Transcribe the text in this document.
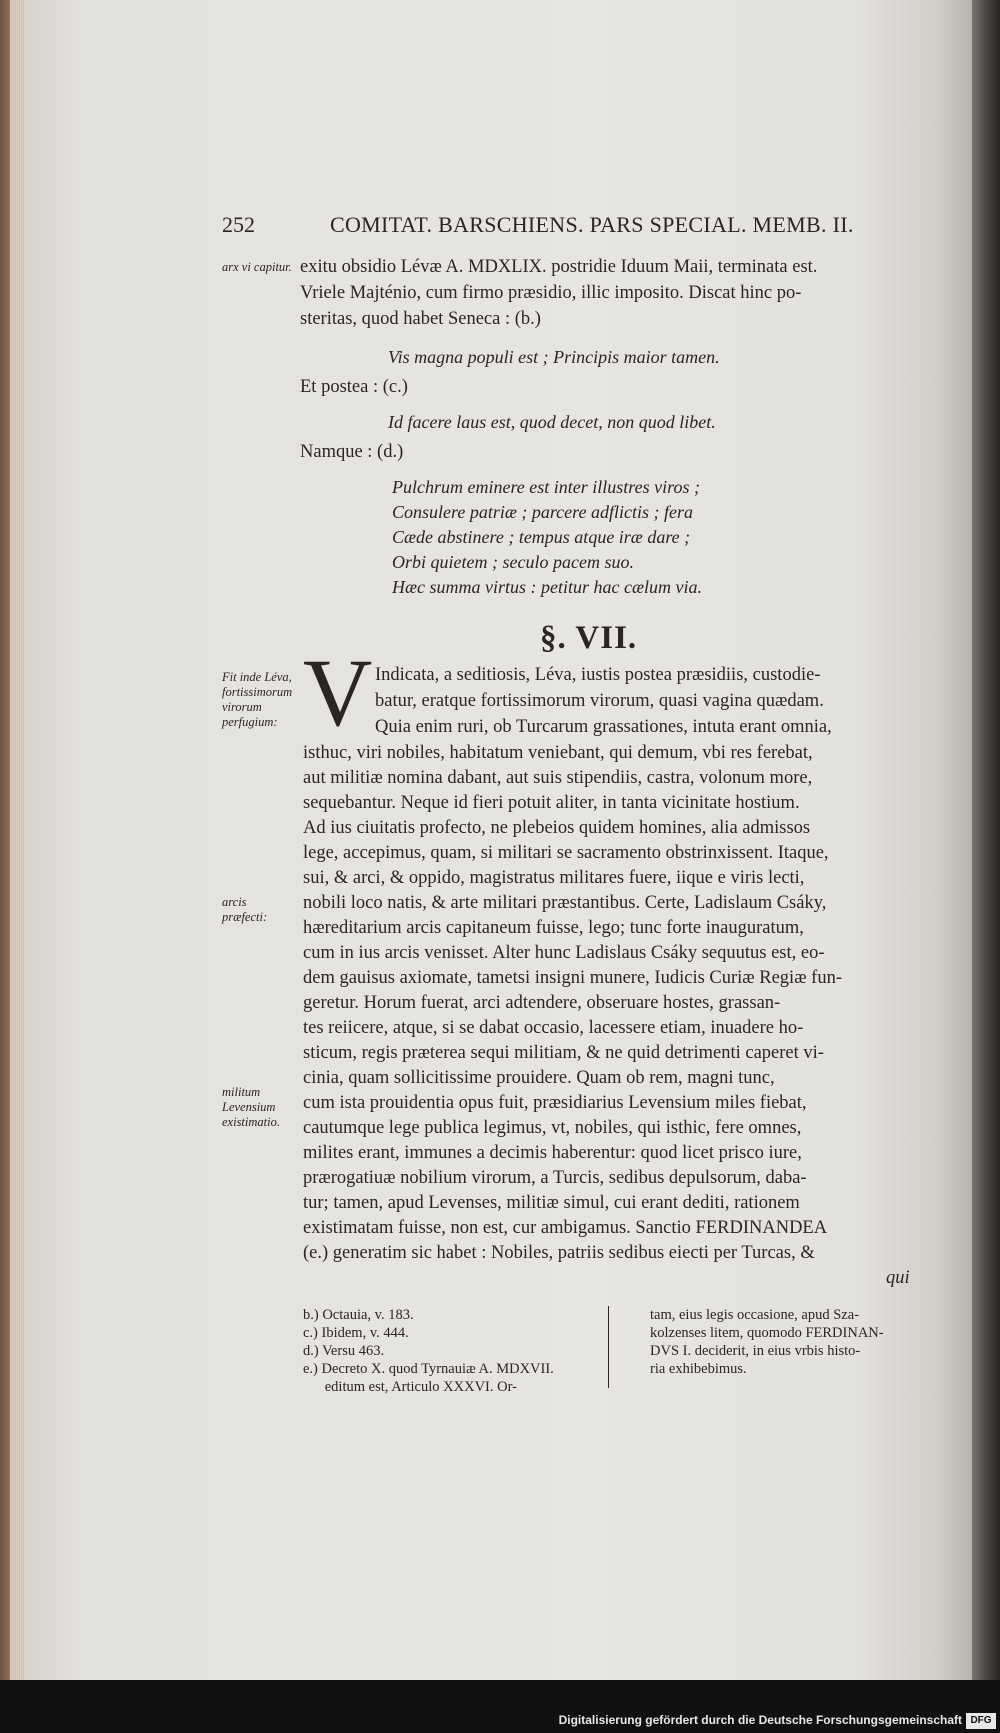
252	COMITAT. BARSCHIENS. PARS SPECIAL. MEMB. II.
arx vi capitur.
Fit inde Léva, fortissimorum virorum perfugium:
arcis præfecti:
militum Levensium existimatio.
exitu obsidio Lévæ A. MDXLIX. postridie Iduum Maii, terminata est.
Vriele Majténio, cum firmo præsidio, illic imposito. Discat hinc po-
steritas, quod habet Seneca : (b.)
Vis magna populi est ; Principis maior tamen.
Et postea : (c.)
Id facere laus est, quod decet, non quod libet.
Namque : (d.)
Pulchrum eminere est inter illustres viros ;
Consulere patriæ ; parcere adflictis ; fera
Cæde abstinere ; tempus atque iræ dare ;
Orbi quietem ; seculo pacem suo.
Hæc summa virtus : petitur hac cælum via.
§. VII.
V Indicata, a seditiosis, Léva, iustis postea præsidiis, custodie-
batur, eratque fortissimorum virorum, quasi vagina quædam.
Quia enim ruri, ob Turcarum grassationes, intuta erant omnia,
isthuc, viri nobiles, habitatum veniebant, qui demum, vbi res ferebat,
aut militiæ nomina dabant, aut suis stipendiis, castra, volonum more,
sequebantur. Neque id fieri potuit aliter, in tanta vicinitate hostium.
Ad ius ciuitatis profecto, ne plebeios quidem homines, alia admissos
lege, accepimus, quam, si militari se sacramento obstrinxissent. Itaque,
sui, & arci, & oppido, magistratus militares fuere, iique e viris lecti,
nobili loco natis, & arte militari præstantibus. Certe, Ladislaum Csáky,
hæreditarium arcis capitaneum fuisse, lego; tunc forte inauguratum,
cum in ius arcis venisset. Alter hunc Ladislaus Csáky sequutus est, eo-
dem gauisus axiomate, tametsi insigni munere, Iudicis Curiæ Regiæ fun-
geretur. Horum fuerat, arci adtendere, obseruare hostes, grassan-
tes reiicere, atque, si se dabat occasio, lacessere etiam, inuadere ho-
sticum, regis præterea sequi militiam, & ne quid detrimenti caperet vi-
cinia, quam sollicitissime prouidere. Quam ob rem, magni tunc,
cum ista prouidentia opus fuit, præsidiarius Levensium miles fiebat,
cautumque lege publica legimus, vt, nobiles, qui isthic, fere omnes,
milites erant, immunes a decimis haberentur: quod licet prisco iure,
prærogatiuæ nobilium virorum, a Turcis, sedibus depulsorum, daba-
tur; tamen, apud Levenses, militiæ simul, cui erant dediti, rationem
existimatam fuisse, non est, cur ambigamus. Sanctio FERDINANDEA
(e.) generatim sic habet : Nobiles, patriis sedibus eiecti per Turcas, &
qui
b.) Octauia, v. 183.
c.) Ibidem, v. 444.
d.) Versu 463.
e.) Decreto X. quod Tyrnauiæ A. MDXVII.
editum est, Articulo XXXVI. Or-
tam, eius legis occasione, apud Sza-
kolzenses litem, quomodo FERDINAN-
DVS I. deciderit, in eius vrbis histo-
ria exhibebimus.
Digitalisierung gefördert durch die Deutsche Forschungsgemeinschaft DFG
